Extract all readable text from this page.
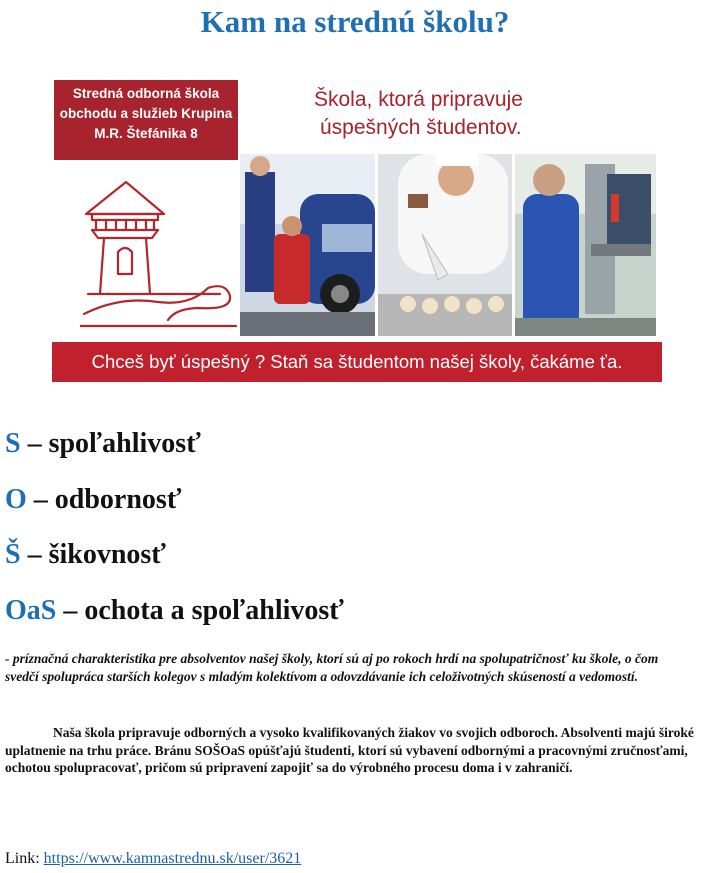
Kam na strednú školu?
Stredná odborná škola
obchodu a služieb Krupina
M.R. Štefánika 8
Škola, ktorá pripravuje
úspešných študentov.
Chceš byť úspešný ? Staň sa študentom našej školy, čakáme ťa.
S – spoľahlivosť
O – odbornosť
Š – šikovnosť
OaS – ochota a spoľahlivosť
- príznačná charakteristika pre absolventov našej školy, ktorí sú aj po rokoch hrdí na spolupatričnosť ku škole, o čom svedčí spolupráca starších kolegov s mladým kolektívom a odovzdávanie ich celoživotných skúseností a vedomostí.
Naša škola pripravuje odborných a vysoko kvalifikovaných žiakov vo svojich odboroch. Absolventi majú široké uplatnenie na trhu práce. Bránu SOŠOaS opúšťajú študenti, ktorí sú vybavení odbornými a pracovnými zručnosťami, ochotou spolupracovať, pričom sú pripravení zapojiť sa do výrobného procesu doma i v zahraničí.
Link: https://www.kamnastrednu.sk/user/3621
